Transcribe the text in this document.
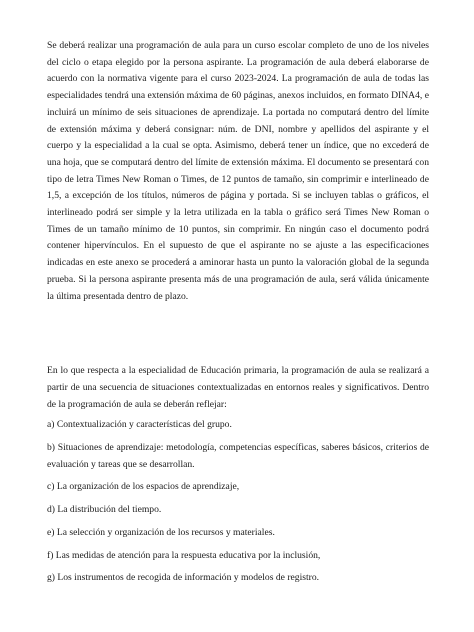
Se deberá realizar una programación de aula para un curso escolar completo de uno de los niveles del ciclo o etapa elegido por la persona aspirante. La programación de aula deberá elaborarse de acuerdo con la normativa vigente para el curso 2023-2024. La programación de aula de todas las especialidades tendrá una extensión máxima de 60 páginas, anexos incluidos, en formato DINA4, e incluirá un mínimo de seis situaciones de aprendizaje. La portada no computará dentro del límite de extensión máxima y deberá consignar: núm. de DNI, nombre y apellidos del aspirante y el cuerpo y la especialidad a la cual se opta. Asimismo, deberá tener un índice, que no excederá de una hoja, que se computará dentro del límite de extensión máxima. El documento se presentará con tipo de letra Times New Roman o Times, de 12 puntos de tamaño, sin comprimir e interlineado de 1,5, a excepción de los títulos, números de página y portada. Si se incluyen tablas o gráficos, el interlineado podrá ser simple y la letra utilizada en la tabla o gráfico será Times New Roman o Times de un tamaño mínimo de 10 puntos, sin comprimir. En ningún caso el documento podrá contener hipervínculos. En el supuesto de que el aspirante no se ajuste a las especificaciones indicadas en este anexo se procederá a aminorar hasta un punto la valoración global de la segunda prueba. Si la persona aspirante presenta más de una programación de aula, será válida únicamente la última presentada dentro de plazo.

En lo que respecta a la especialidad de Educación primaria, la programación de aula se realizará a partir de una secuencia de situaciones contextualizadas en entornos reales y significativos. Dentro de la programación de aula se deberán reflejar:

a) Contextualización y características del grupo.
b) Situaciones de aprendizaje: metodología, competencias específicas, saberes básicos, criterios de evaluación y tareas que se desarrollan.
c) La organización de los espacios de aprendizaje,
d) La distribución del tiempo.
e) La selección y organización de los recursos y materiales.
f) Las medidas de atención para la respuesta educativa por la inclusión,
g) Los instrumentos de recogida de información y modelos de registro.
